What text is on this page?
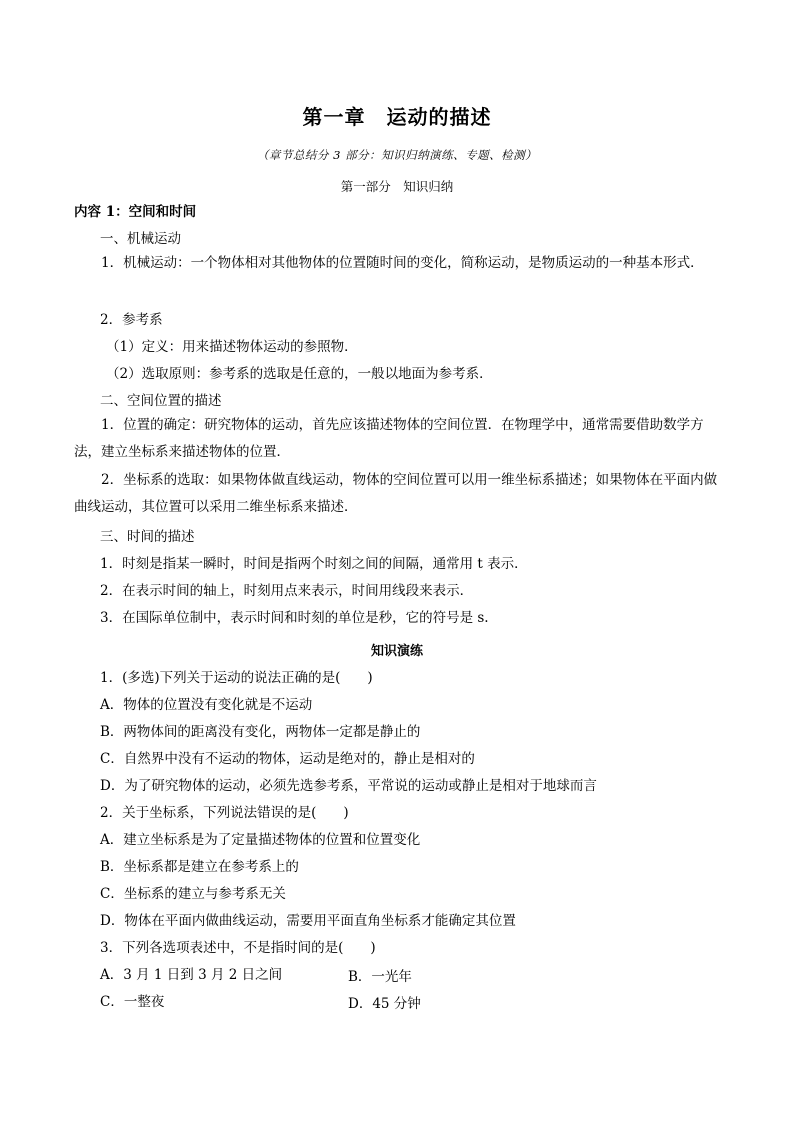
第一章　运动的描述
（章节总结分 3 部分：知识归纳演练、专题、检测）
第一部分　知识归纳
内容 1：空间和时间
一、机械运动
1．机械运动：一个物体相对其他物体的位置随时间的变化，简称运动，是物质运动的一种基本形式．
2．参考系
（1）定义：用来描述物体运动的参照物．
（2）选取原则：参考系的选取是任意的，一般以地面为参考系．
二、空间位置的描述
1．位置的确定：研究物体的运动，首先应该描述物体的空间位置．在物理学中，通常需要借助数学方法，建立坐标系来描述物体的位置．
2．坐标系的选取：如果物体做直线运动，物体的空间位置可以用一维坐标系描述；如果物体在平面内做曲线运动，其位置可以采用二维坐标系来描述．
三、时间的描述
1．时刻是指某一瞬时，时间是指两个时刻之间的间隔，通常用 t 表示．
2．在表示时间的轴上，时刻用点来表示，时间用线段来表示．
3．在国际单位制中，表示时间和时刻的单位是秒，它的符号是 s.
知识演练
1．(多选)下列关于运动的说法正确的是(　　)
A．物体的位置没有变化就是不运动
B．两物体间的距离没有变化，两物体一定都是静止的
C．自然界中没有不运动的物体，运动是绝对的，静止是相对的
D．为了研究物体的运动，必须先选参考系，平常说的运动或静止是相对于地球而言
2．关于坐标系，下列说法错误的是(　　)
A．建立坐标系是为了定量描述物体的位置和位置变化
B．坐标系都是建立在参考系上的
C．坐标系的建立与参考系无关
D．物体在平面内做曲线运动，需要用平面直角坐标系才能确定其位置
3．下列各选项表述中，不是指时间的是(　　)
A．3 月 1 日到 3 月 2 日之间	B．一光年
C．一整夜	D．45 分钟
